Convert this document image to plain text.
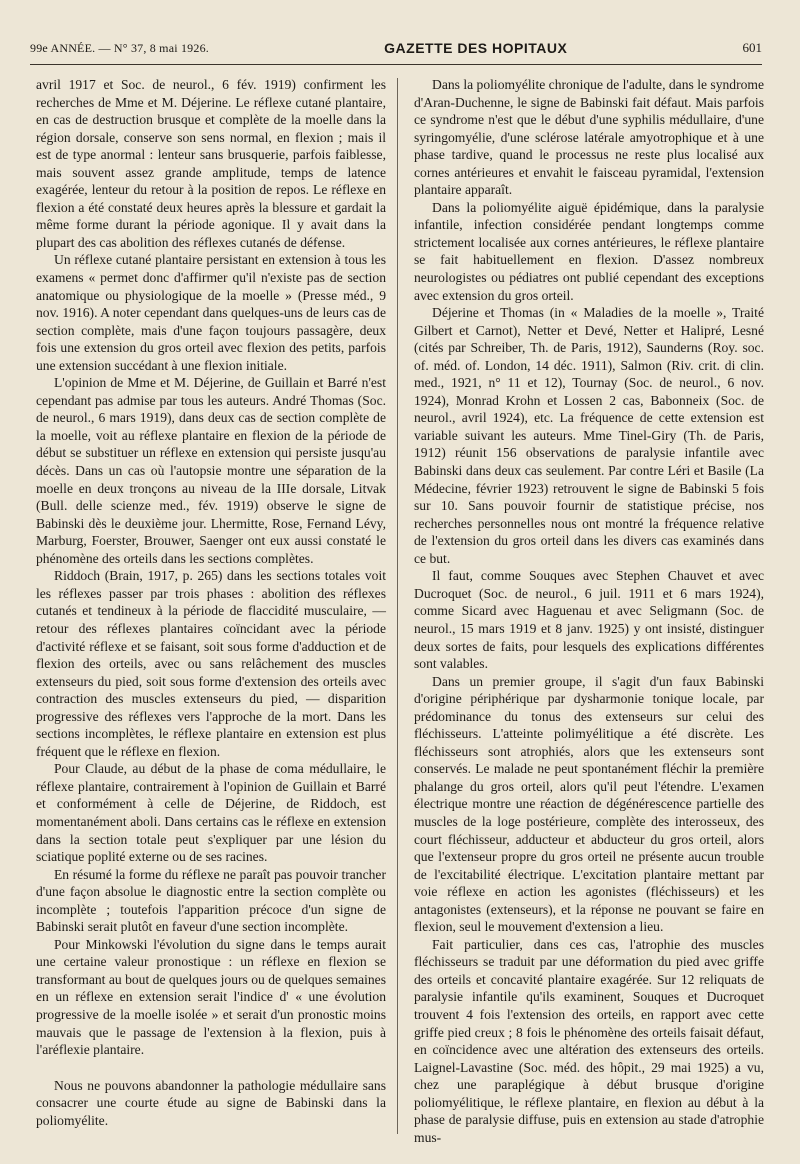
99e ANNÉE. — N° 37, 8 mai 1926.	GAZETTE DES HOPITAUX	601

avril 1917 et Soc. de neurol., 6 fév. 1919) confirment les recherches de Mme et M. Déjerine. Le réflexe cutané plantaire, en cas de destruction brusque et complète de la moelle dans la région dorsale, conserve son sens normal, en flexion ; mais il est de type anormal : lenteur sans brusquerie, parfois faiblesse, mais souvent assez grande amplitude, temps de latence exagérée, lenteur du retour à la position de repos. Le réflexe en flexion a été constaté deux heures après la blessure et gardait la même forme durant la période agonique. Il y avait dans la plupart des cas abolition des réflexes cutanés de défense.

Un réflexe cutané plantaire persistant en extension à tous les examens « permet donc d'affirmer qu'il n'existe pas de section anatomique ou physiologique de la moelle » (Presse méd., 9 nov. 1916). A noter cependant dans quelques-uns de leurs cas de section complète, mais d'une façon toujours passagère, deux fois une extension du gros orteil avec flexion des petits, parfois une extension succédant à une flexion initiale.

L'opinion de Mme et M. Déjerine, de Guillain et Barré n'est cependant pas admise par tous les auteurs. André Thomas (Soc. de neurol., 6 mars 1919), dans deux cas de section complète de la moelle, voit au réflexe plantaire en flexion de la période de début se substituer un réflexe en extension qui persiste jusqu'au décès. Dans un cas où l'autopsie montre une séparation de la moelle en deux tronçons au niveau de la IIIe dorsale, Litvak (Bull. delle scienze med., fév. 1919) observe le signe de Babinski dès le deuxième jour. Lhermitte, Rose, Fernand Lévy, Marburg, Foerster, Brouwer, Saenger ont eux aussi constaté le phénomène des orteils dans les sections complètes.

Riddoch (Brain, 1917, p. 265) dans les sections totales voit les réflexes passer par trois phases : abolition des réflexes cutanés et tendineux à la période de flaccidité musculaire, — retour des réflexes plantaires coïncidant avec la période d'activité réflexe et se faisant, soit sous forme d'adduction et de flexion des orteils, avec ou sans relâchement des muscles extenseurs du pied, soit sous forme d'extension des orteils avec contraction des muscles extenseurs du pied, — disparition progressive des réflexes vers l'approche de la mort. Dans les sections incomplètes, le réflexe plantaire en extension est plus fréquent que le réflexe en flexion.

Pour Claude, au début de la phase de coma médullaire, le réflexe plantaire, contrairement à l'opinion de Guillain et Barré et conformément à celle de Déjerine, de Riddoch, est momentanément aboli. Dans certains cas le réflexe en extension dans la section totale peut s'expliquer par une lésion du sciatique poplité externe ou de ses racines.

En résumé la forme du réflexe ne paraît pas pouvoir trancher d'une façon absolue le diagnostic entre la section complète ou incomplète ; toutefois l'apparition précoce d'un signe de Babinski serait plutôt en faveur d'une section incomplète.

Pour Minkowski l'évolution du signe dans le temps aurait une certaine valeur pronostique : un réflexe en flexion se transformant au bout de quelques jours ou de quelques semaines en un réflexe en extension serait l'indice d' « une évolution progressive de la moelle isolée » et serait d'un pronostic moins mauvais que le passage de l'extension à la flexion, puis à l'aréflexie plantaire.

Nous ne pouvons abandonner la pathologie médullaire sans consacrer une courte étude au signe de Babinski dans la poliomyélite.

Dans la poliomyélite chronique de l'adulte, dans le syndrome d'Aran-Duchenne, le signe de Babinski fait défaut. Mais parfois ce syndrome n'est que le début d'une syphilis médullaire, d'une syringomyélie, d'une sclérose latérale amyotrophique et à une phase tardive, quand le processus ne reste plus localisé aux cornes antérieures et envahit le faisceau pyramidal, l'extension plantaire apparaît.

Dans la poliomyélite aiguë épidémique, dans la paralysie infantile, infection considérée pendant longtemps comme strictement localisée aux cornes antérieures, le réflexe plantaire se fait habituellement en flexion. D'assez nombreux neurologistes ou pédiatres ont publié cependant des exceptions avec extension du gros orteil.

Déjerine et Thomas (in « Maladies de la moelle », Traité Gilbert et Carnot), Netter et Devé, Netter et Halipré, Lesné (cités par Schreiber, Th. de Paris, 1912), Saunderns (Roy. soc. of. méd. of. London, 14 déc. 1911), Salmon (Riv. crit. di clin. med., 1921, n° 11 et 12), Tournay (Soc. de neurol., 6 nov. 1924), Monrad Krohn et Lossen 2 cas, Babonneix (Soc. de neurol., avril 1924), etc. La fréquence de cette extension est variable suivant les auteurs. Mme Tinel-Giry (Th. de Paris, 1912) réunit 156 observations de paralysie infantile avec Babinski dans deux cas seulement. Par contre Léri et Basile (La Médecine, février 1923) retrouvent le signe de Babinski 5 fois sur 10. Sans pouvoir fournir de statistique précise, nos recherches personnelles nous ont montré la fréquence relative de l'extension du gros orteil dans les divers cas examinés dans ce but.

Il faut, comme Souques avec Stephen Chauvet et avec Ducroquet (Soc. de neurol., 6 juil. 1911 et 6 mars 1924), comme Sicard avec Haguenau et avec Seligmann (Soc. de neurol., 15 mars 1919 et 8 janv. 1925) y ont insisté, distinguer deux sortes de faits, pour lesquels des explications différentes sont valables.

Dans un premier groupe, il s'agit d'un faux Babinski d'origine périphérique par dysharmonie tonique locale, par prédominance du tonus des extenseurs sur celui des fléchisseurs. L'atteinte polimyélitique a été discrète. Les fléchisseurs sont atrophiés, alors que les extenseurs sont conservés. Le malade ne peut spontanément fléchir la première phalange du gros orteil, alors qu'il peut l'étendre. L'examen électrique montre une réaction de dégénérescence partielle des muscles de la loge postérieure, complète des interosseux, des court fléchisseur, adducteur et abducteur du gros orteil, alors que l'extenseur propre du gros orteil ne présente aucun trouble de l'excitabilité électrique. L'excitation plantaire mettant par voie réflexe en action les agonistes (fléchisseurs) et les antagonistes (extenseurs), et la réponse ne pouvant se faire en flexion, seul le mouvement d'extension a lieu.

Fait particulier, dans ces cas, l'atrophie des muscles fléchisseurs se traduit par une déformation du pied avec griffe des orteils et concavité plantaire exagérée. Sur 12 reliquats de paralysie infantile qu'ils examinent, Souques et Ducroquet trouvent 4 fois l'extension des orteils, en rapport avec cette griffe pied creux ; 8 fois le phénomène des orteils faisait défaut, en coïncidence avec une altération des extenseurs des orteils. Laignel-Lavastine (Soc. méd. des hôpit., 29 mai 1925) a vu, chez une paraplégique à début brusque d'origine poliomyélitique, le réflexe plantaire, en flexion au début à la phase de paralysie diffuse, puis en extension au stade d'atrophie mus-
